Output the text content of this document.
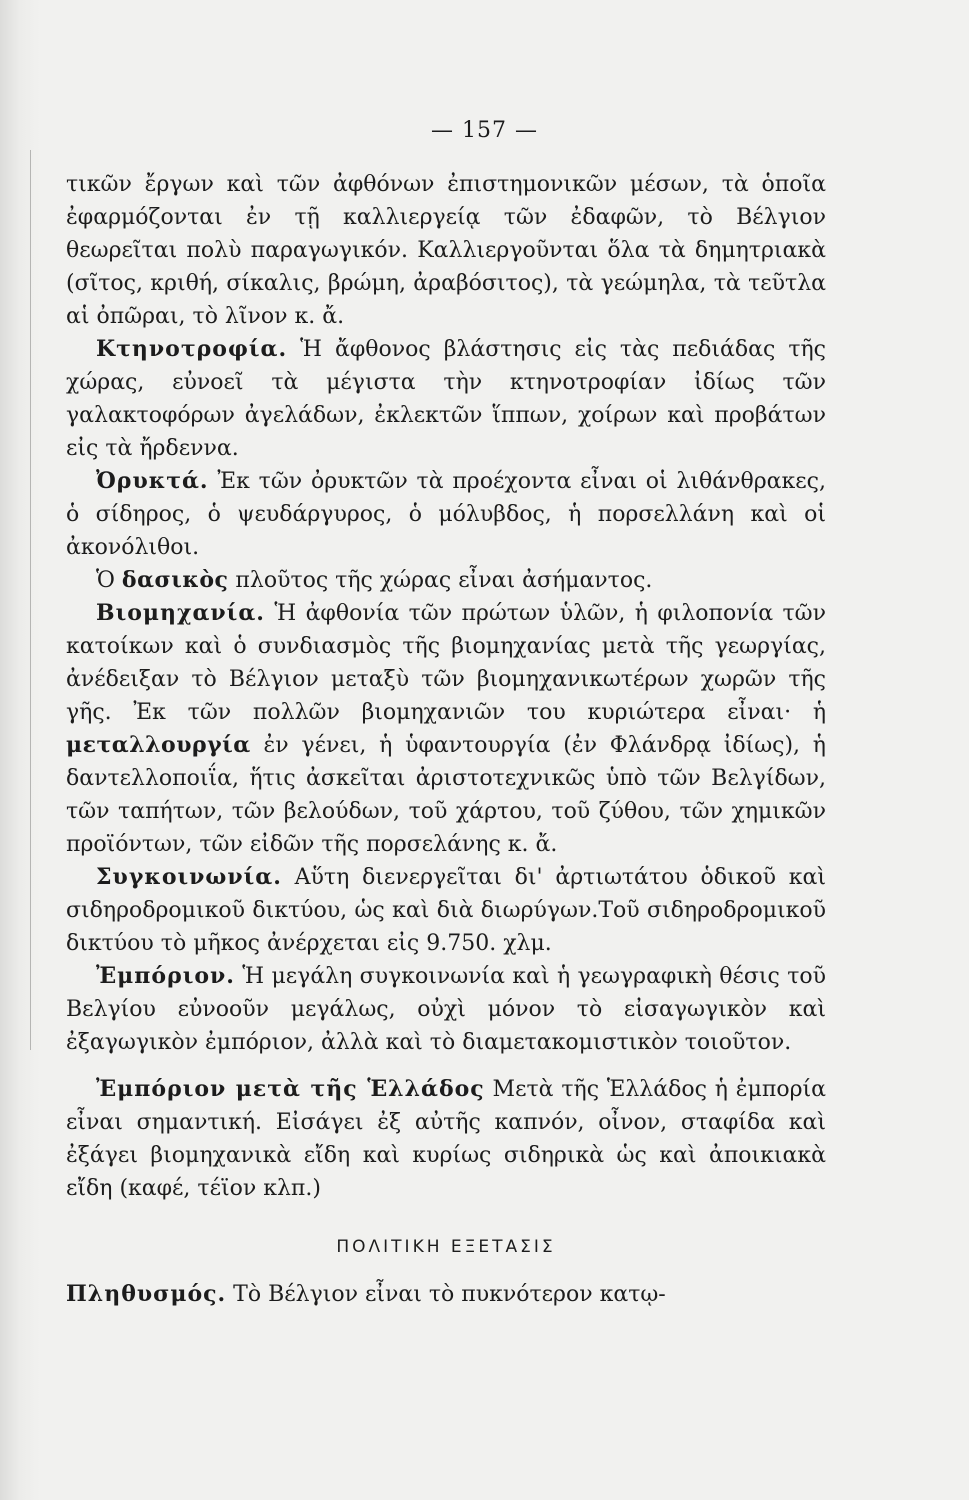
— 157 —

τικῶν ἔργων καὶ τῶν ἀφθόνων ἐπιστημονικῶν μέσων, τὰ ὁποῖα ἐφαρμόζονται ἐν τῇ καλλιεργείᾳ τῶν ἐδαφῶν, τὸ Βέλγιον θεωρεῖται πολὺ παραγωγικόν. Καλλιεργοῦνται ὅλα τὰ δημητριακὰ (σῖτος, κριθή, σίκαλις, βρώμη, ἀραβόσιτος), τὰ γεώμηλα, τὰ τεῦτλα αἱ ὀπῶραι, τὸ λῖνον κ. ἄ.

Κτηνοτροφία. Ἡ ἄφθονος βλάστησις εἰς τὰς πεδιάδας τῆς χώρας, εὐνοεῖ τὰ μέγιστα τὴν κτηνοτροφίαν ἰδίως τῶν γαλακτοφόρων ἀγελάδων, ἐκλεκτῶν ἵππων, χοίρων καὶ προβάτων εἰς τὰ ἤρδεννα.

Ὀρυκτά. Ἐκ τῶν ὀρυκτῶν τὰ προέχοντα εἶναι οἱ λιθάνθρακες, ὁ σίδηρος, ὁ ψευδάργυρος, ὁ μόλυβδος, ἡ πορσελλάνη καὶ οἱ ἀκονόλιθοι.

Ὁ δασικὸς πλοῦτος τῆς χώρας εἶναι ἀσήμαντος.

Βιομηχανία. Ἡ ἀφθονία τῶν πρώτων ὑλῶν, ἡ φιλοπονία τῶν κατοίκων καὶ ὁ συνδιασμὸς τῆς βιομηχανίας μετὰ τῆς γεωργίας, ἀνέδειξαν τὸ Βέλγιον μεταξὺ τῶν βιομηχανικωτέρων χωρῶν τῆς γῆς. Ἐκ τῶν πολλῶν βιομηχανιῶν του κυριώτερα εἶναι· ἡ μεταλλουργία ἐν γένει, ἡ ὑφαντουργία (ἐν Φλάνδρᾳ ἰδίως), ἡ δαντελλοποιΐα, ἥτις ἀσκεῖται ἀριστοτεχνικῶς ὑπὸ τῶν Βελγίδων, τῶν ταπήτων, τῶν βελούδων, τοῦ χάρτου, τοῦ ζύθου, τῶν χημικῶν προϊόντων, τῶν εἰδῶν τῆς πορσελάνης κ. ἄ.

Συγκοινωνία. Αὕτη διενεργεῖται δι' ἀρτιωτάτου ὁδικοῦ καὶ σιδηροδρομικοῦ δικτύου, ὡς καὶ διὰ διωρύγων.Τοῦ σιδηροδρομικοῦ δικτύου τὸ μῆκος ἀνέρχεται εἰς 9.750. χλμ.

Ἐμπόριον. Ἡ μεγάλη συγκοινωνία καὶ ἡ γεωγραφικὴ θέσις τοῦ Βελγίου εὐνοοῦν μεγάλως, οὐχὶ μόνον τὸ εἰσαγωγικὸν καὶ ἐξαγωγικὸν ἐμπόριον, ἀλλὰ καὶ τὸ διαμετακομιστικὸν τοιοῦτον.

Ἐμπόριον μετὰ τῆς Ἑλλάδος Μετὰ τῆς Ἑλλάδος ἡ ἐμπορία εἶναι σημαντική. Εἰσάγει ἐξ αὐτῆς καπνόν, οἶνον, σταφίδα καὶ ἐξάγει βιομηχανικὰ εἴδη καὶ κυρίως σιδηρικὰ ὡς καὶ ἀποικιακὰ εἴδη (καφέ, τέϊον κλπ.)

ΠΟΛΙΤΙΚΗ ΕΞΕΤΑΣΙΣ

Πληθυσμός. Τὸ Βέλγιον εἶναι τὸ πυκνότερον κατῳ-
